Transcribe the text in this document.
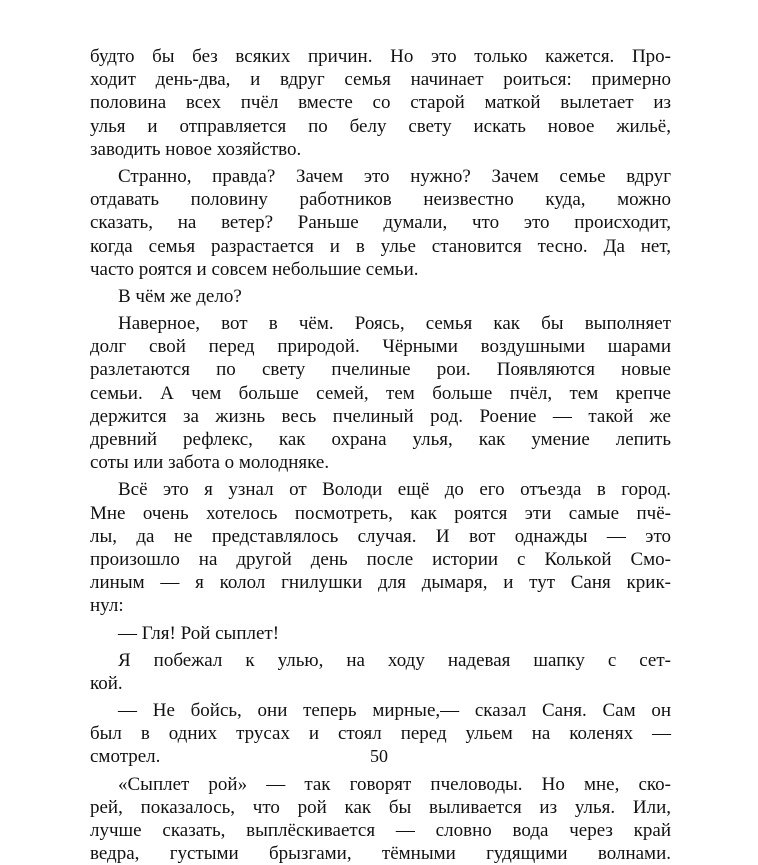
будто бы без всяких причин. Но это только кажется. Про-
ходит день-два, и вдруг семья начинает роиться: примерно
половина всех пчёл вместе со старой маткой вылетает из
улья и отправляется по белу свету искать новое жильё,
заводить новое хозяйство.
Странно, правда? Зачем это нужно? Зачем семье вдруг
отдавать половину работников неизвестно куда, можно
сказать, на ветер? Раньше думали, что это происходит,
когда семья разрастается и в улье становится тесно. Да нет,
часто роятся и совсем небольшие семьи.
В чём же дело?
Наверное, вот в чём. Роясь, семья как бы выполняет
долг свой перед природой. Чёрными воздушными шарами
разлетаются по свету пчелиные рои. Появляются новые
семьи. А чем больше семей, тем больше пчёл, тем крепче
держится за жизнь весь пчелиный род. Роение — такой же
древний рефлекс, как охрана улья, как умение лепить
соты или забота о молодняке.
Всё это я узнал от Володи ещё до его отъезда в город.
Мне очень хотелось посмотреть, как роятся эти самые пчё-
лы, да не представлялось случая. И вот однажды — это
произошло на другой день после истории с Колькой Смо-
линым — я колол гнилушки для дымаря, и тут Саня крик-
нул:
— Гля! Рой сыплет!
Я побежал к улью, на ходу надевая шапку с сет-
кой.
— Не бойсь, они теперь мирные,— сказал Саня. Сам он
был в одних трусах и стоял перед ульем на коленях —
смотрел.
«Сыплет рой» — так говорят пчеловоды. Но мне, ско-
рей, показалось, что рой как бы выливается из улья. Или,
лучше сказать, выплёскивается — словно вода через край
ведра, густыми брызгами, тёмными гудящими волнами.
50
